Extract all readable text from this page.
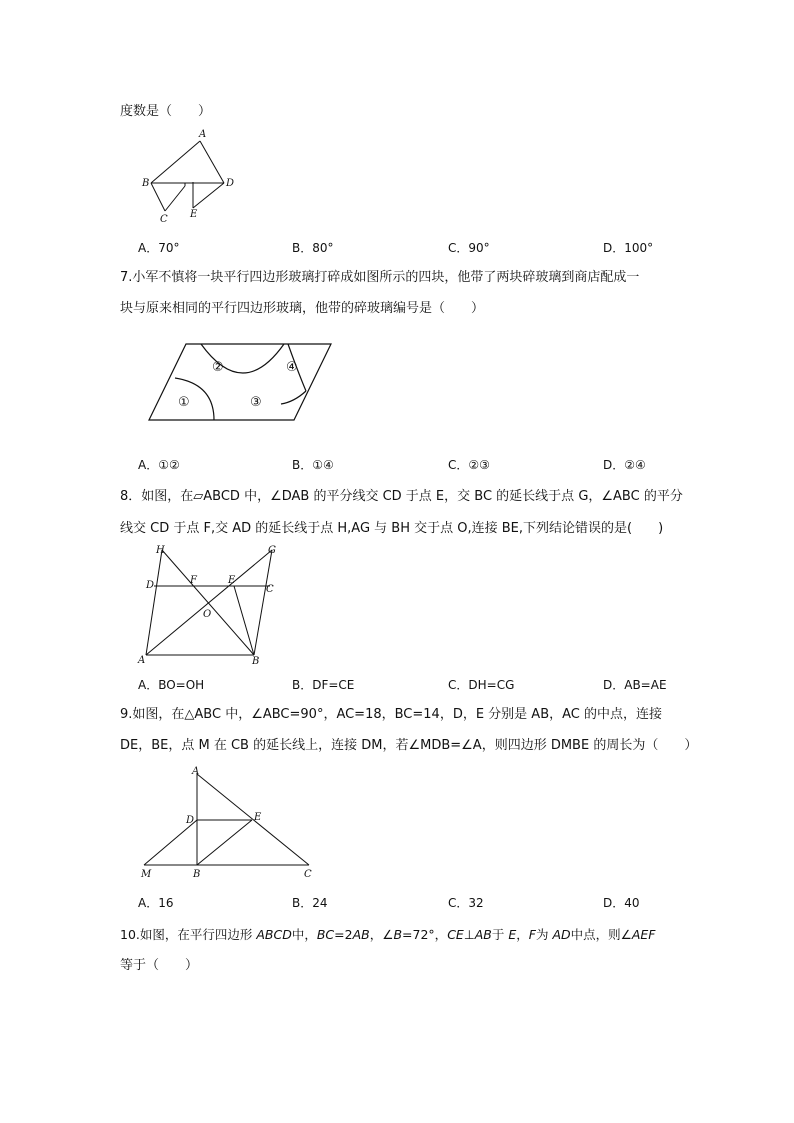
度数是（　　）
A
B	D
C E
A．70°	B．80°	C．90°	D．100°
7.小军不慎将一块平行四边形玻璃打碎成如图所示的四块，他带了两块碎玻璃到商店配成一
块与原来相同的平行四边形玻璃，他带的碎玻璃编号是（　　）
②	④
①	③
A．①②	B．①④	C．②③	D．②④
8．如图，在▱ABCD 中，∠DAB 的平分线交 CD 于点 E，交 BC 的延长线于点 G，∠ABC 的平分
线交 CD 于点 F,交 AD 的延长线于点 H,AG 与 BH 交于点 O,连接 BE,下列结论错误的是(　　)
H	G
D	F	E
C
O
A	B
A．BO=OH	B．DF=CE	C．DH=CG	D．AB=AE
9.如图，在△ABC 中，∠ABC=90°，AC=18，BC=14，D，E 分别是 AB，AC 的中点，连接
DE，BE，点 M 在 CB 的延长线上，连接 DM，若∠MDB=∠A，则四边形 DMBE 的周长为（　　）
A
D	E
M	B	C
A．16	B．24	C．32	D．40
10.如图，在平行四边形 ABCD中，BC=2AB，∠B=72°，CE⊥AB于 E，F为 AD中点，则∠AEF
等于（　　）
